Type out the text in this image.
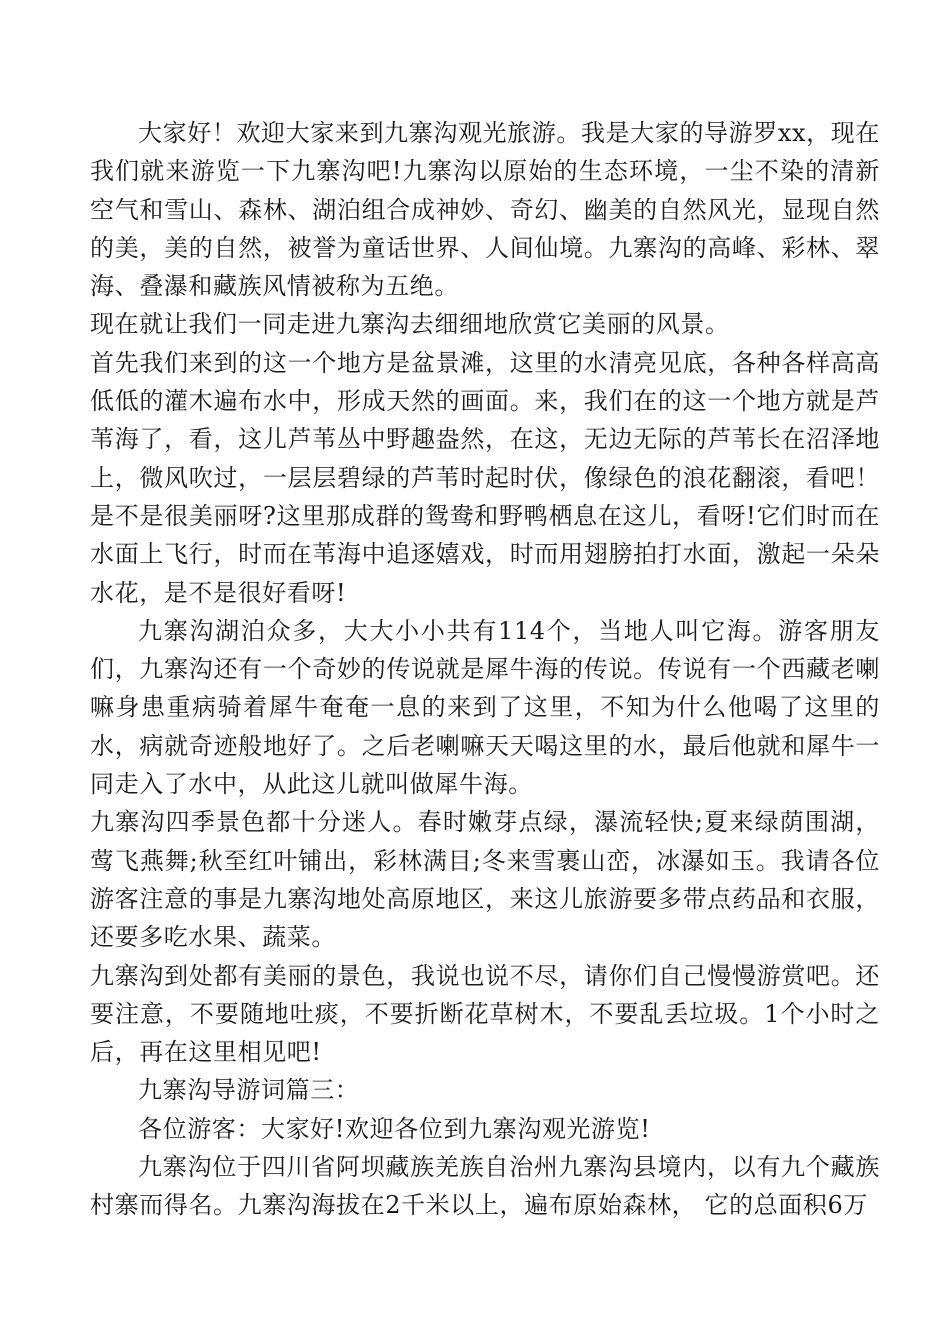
大家好！欢迎大家来到九寨沟观光旅游。我是大家的导游罗xx，现在我们就来游览一下九寨沟吧!九寨沟以原始的生态环境，一尘不染的清新空气和雪山、森林、湖泊组合成神妙、奇幻、幽美的自然风光，显现自然的美，美的自然，被誉为童话世界、人间仙境。九寨沟的高峰、彩林、翠海、叠瀑和藏族风情被称为五绝。

现在就让我们一同走进九寨沟去细细地欣赏它美丽的风景。

首先我们来到的这一个地方是盆景滩，这里的水清亮见底，各种各样高高低低的灌木遍布水中，形成天然的画面。来，我们在的这一个地方就是芦苇海了，看，这儿芦苇丛中野趣盎然，在这，无边无际的芦苇长在沼泽地上，微风吹过，一层层碧绿的芦苇时起时伏，像绿色的浪花翻滚，看吧！是不是很美丽呀?这里那成群的鸳鸯和野鸭栖息在这儿，看呀!它们时而在水面上飞行，时而在苇海中追逐嬉戏，时而用翅膀拍打水面，激起一朵朵水花，是不是很好看呀!

九寨沟湖泊众多，大大小小共有114个，当地人叫它海。游客朋友们，九寨沟还有一个奇妙的传说就是犀牛海的传说。传说有一个西藏老喇嘛身患重病骑着犀牛奄奄一息的来到了这里，不知为什么他喝了这里的水，病就奇迹般地好了。之后老喇嘛天天喝这里的水，最后他就和犀牛一同走入了水中，从此这儿就叫做犀牛海。

九寨沟四季景色都十分迷人。春时嫩芽点绿，瀑流轻快;夏来绿荫围湖，莺飞燕舞;秋至红叶铺出，彩林满目;冬来雪裹山峦，冰瀑如玉。我请各位游客注意的事是九寨沟地处高原地区，来这儿旅游要多带点药品和衣服，还要多吃水果、蔬菜。

九寨沟到处都有美丽的景色，我说也说不尽，请你们自己慢慢游赏吧。还要注意，不要随地吐痰，不要折断花草树木，不要乱丢垃圾。1个小时之后，再在这里相见吧!

九寨沟导游词篇三：

各位游客：大家好!欢迎各位到九寨沟观光游览!

九寨沟位于四川省阿坝藏族羌族自治州九寨沟县境内，以有九个藏族村寨而得名。九寨沟海拔在2千米以上，遍布原始森林， 它的总面积6万
